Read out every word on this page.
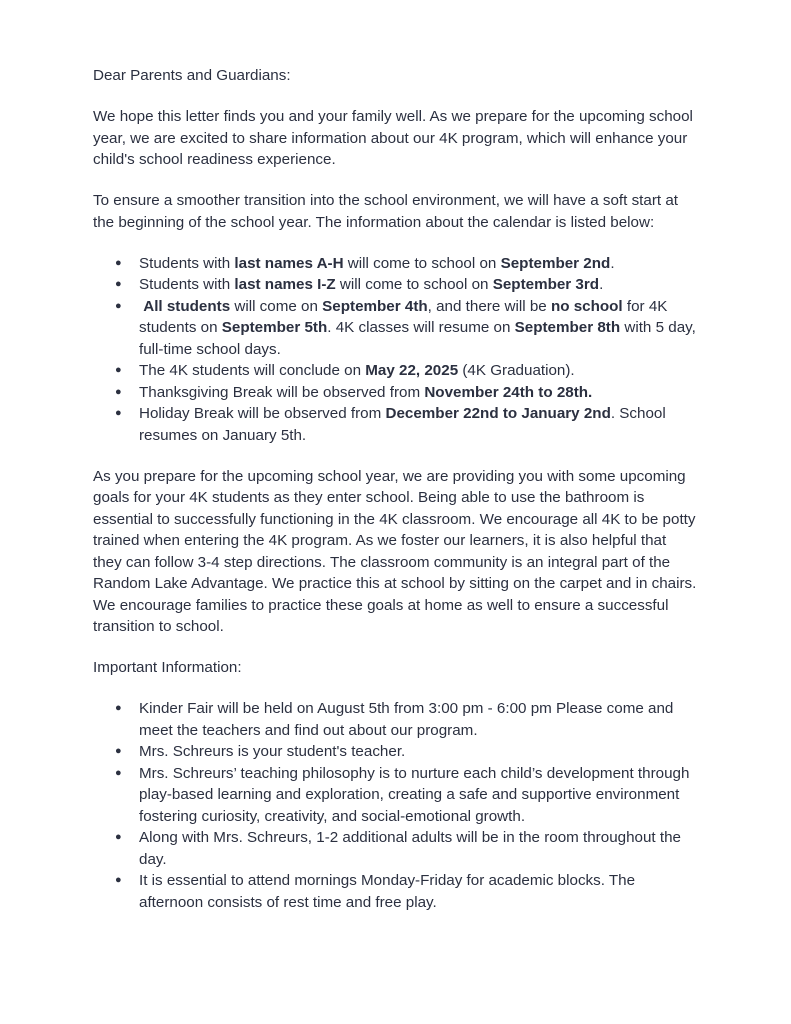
Dear Parents and Guardians:

We hope this letter finds you and your family well. As we prepare for the upcoming school year, we are excited to share information about our 4K program, which will enhance your child's school readiness experience.

To ensure a smoother transition into the school environment, we will have a soft start at the beginning of the school year. The information about the calendar is listed below:

● Students with last names A-H will come to school on September 2nd.
● Students with last names I-Z will come to school on September 3rd.
● All students will come on September 4th, and there will be no school for 4K students on September 5th. 4K classes will resume on September 8th with 5 day, full-time school days.
● The 4K students will conclude on May 22, 2025 (4K Graduation).
● Thanksgiving Break will be observed from November 24th to 28th.
● Holiday Break will be observed from December 22nd to January 2nd. School resumes on January 5th.

As you prepare for the upcoming school year, we are providing you with some upcoming goals for your 4K students as they enter school. Being able to use the bathroom is essential to successfully functioning in the 4K classroom. We encourage all 4K to be potty trained when entering the 4K program. As we foster our learners, it is also helpful that they can follow 3-4 step directions. The classroom community is an integral part of the Random Lake Advantage. We practice this at school by sitting on the carpet and in chairs. We encourage families to practice these goals at home as well to ensure a successful transition to school.

Important Information:

● Kinder Fair will be held on August 5th from 3:00 pm - 6:00 pm Please come and meet the teachers and find out about our program.
● Mrs. Schreurs is your student's teacher.
● Mrs. Schreurs’ teaching philosophy is to nurture each child’s development through play-based learning and exploration, creating a safe and supportive environment fostering curiosity, creativity, and social-emotional growth.
● Along with Mrs. Schreurs, 1-2 additional adults will be in the room throughout the day.
● It is essential to attend mornings Monday-Friday for academic blocks. The afternoon consists of rest time and free play.
